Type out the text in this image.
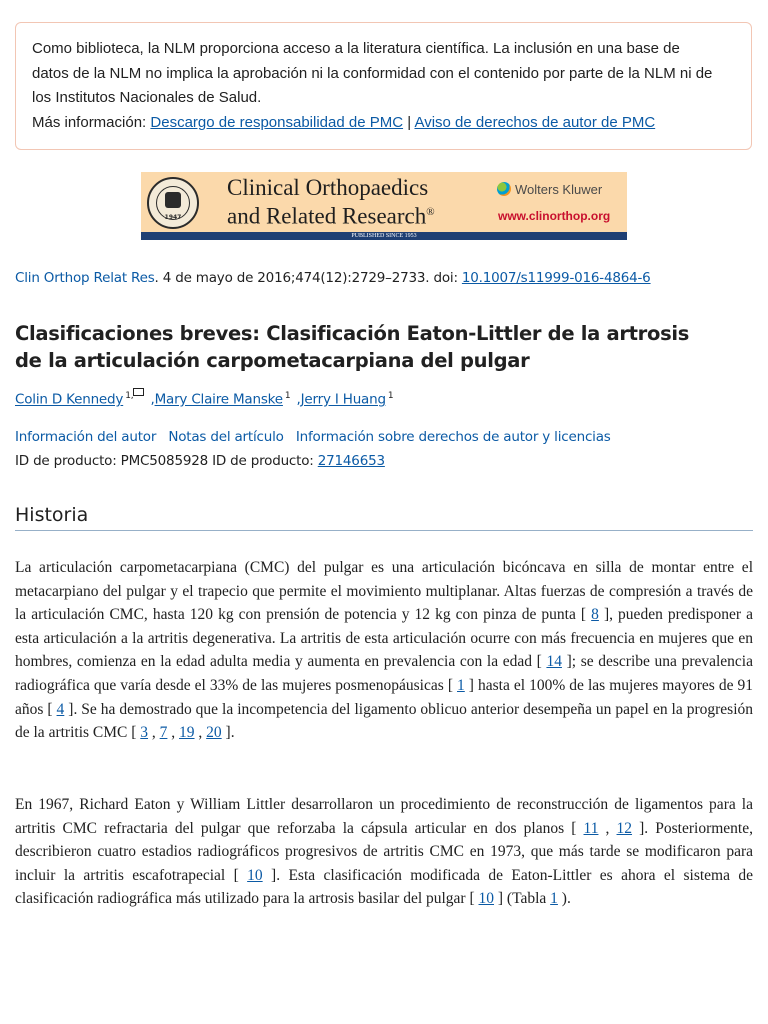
Como biblioteca, la NLM proporciona acceso a la literatura científica. La inclusión en una base de
datos de la NLM no implica la aprobación ni la conformidad con el contenido por parte de la NLM ni de
los Institutos Nacionales de Salud.
Más información: Descargo de responsabilidad de PMC | Aviso de derechos de autor de PMC
1947
Clinical Orthopaedics
and Related Research®
Wolters Kluwer
www.clinorthop.org
PUBLISHED SINCE 1953
Clin Orthop Relat Res. 4 de mayo de 2016;474(12):2729–2733. doi: 10.1007/s11999-016-4864-6
Clasificaciones breves: Clasificación Eaton-Littler de la artrosis de la articulación carpometacarpiana del pulgar
Colin D Kennedy $^{1,}$ ,Mary Claire Manske $^1$ ,Jerry I Huang $^1$
Información del autor Notas del artículo Información sobre derechos de autor y licencias
ID de producto: PMC5085928 ID de producto: 27146653
Historia
La articulación carpometacarpiana (CMC) del pulgar es una articulación bicóncava en silla de montar entre el metacarpiano del pulgar y el trapecio que permite el movimiento multiplanar. Altas fuerzas de compresión a través de la articulación CMC, hasta 120 kg con prensión de potencia y 12 kg con pinza de punta [ 8 ], pueden predisponer a esta articulación a la artritis degenerativa. La artritis de esta articulación ocurre con más frecuencia en mujeres que en hombres, comienza en la edad adulta media y aumenta en prevalencia con la edad [ 14 ]; se describe una prevalencia radiográfica que varía desde el 33% de las mujeres posmenopáusicas [ 1 ] hasta el 100% de las mujeres mayores de 91 años [ 4 ]. Se ha demostrado que la incompetencia del ligamento oblicuo anterior desempeña un papel en la progresión de la artritis CMC [ 3 , 7 , 19 , 20 ].
En 1967, Richard Eaton y William Littler desarrollaron un procedimiento de reconstrucción de ligamentos para la artritis CMC refractaria del pulgar que reforzaba la cápsula articular en dos planos [ 11 , 12 ]. Posteriormente, describieron cuatro estadios radiográficos progresivos de artritis CMC en 1973, que más tarde se modificaron para incluir la artritis escafotrapecial [ 10 ]. Esta clasificación modificada de Eaton-Littler es ahora el sistema de clasificación radiográfica más utilizado para la artrosis basilar del pulgar [ 10 ] (Tabla 1 ).
